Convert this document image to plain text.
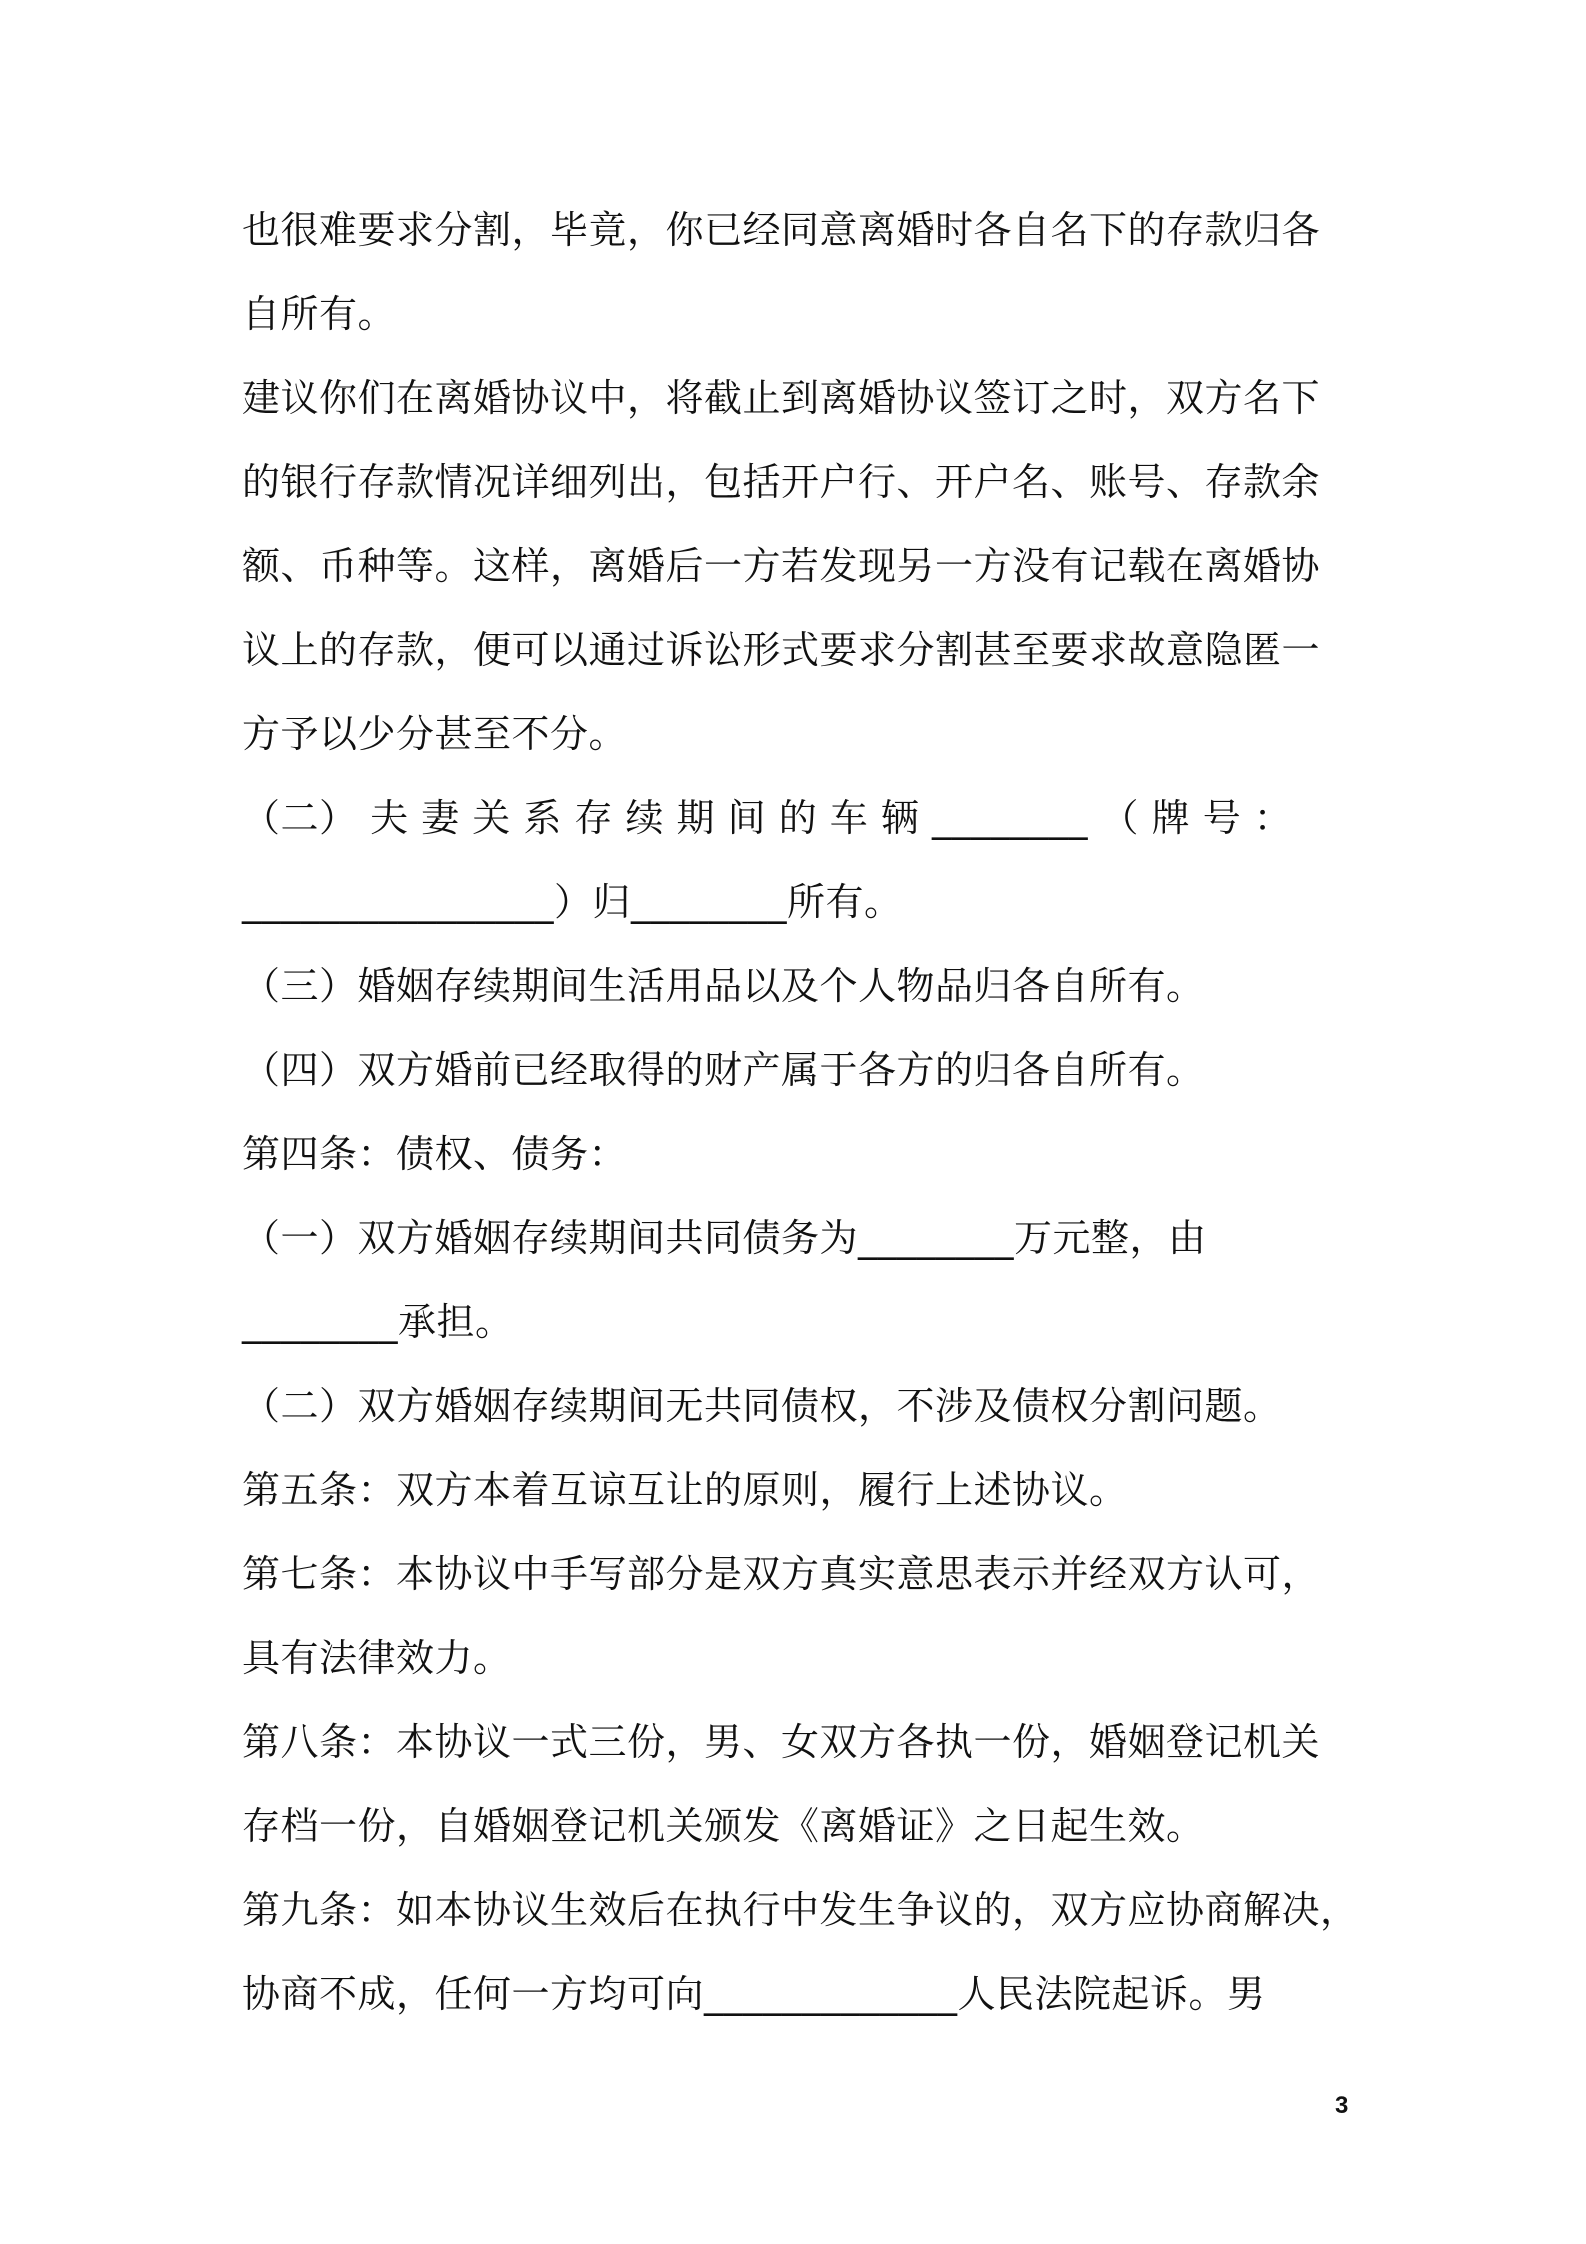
也很难要求分割，毕竟，你已经同意离婚时各自名下的存款归各
自所有。
建议你们在离婚协议中，将截止到离婚协议签订之时，双方名下
的银行存款情况详细列出，包括开户行、开户名、账号、存款余
额、币种等。这样，离婚后一方若发现另一方没有记载在离婚协
议上的存款，便可以通过诉讼形式要求分割甚至要求故意隐匿一
方予以少分甚至不分。
（二） 夫 妻 关 系 存 续 期 间 的 车 辆 ________ （ 牌 号 ：
________________）归________所有。
（三）婚姻存续期间生活用品以及个人物品归各自所有。
（四）双方婚前已经取得的财产属于各方的归各自所有。
第四条：债权、债务：
（一）双方婚姻存续期间共同债务为________万元整，由
________承担。
（二）双方婚姻存续期间无共同债权，不涉及债权分割问题。
第五条：双方本着互谅互让的原则，履行上述协议。
第七条：本协议中手写部分是双方真实意思表示并经双方认可，
具有法律效力。
第八条：本协议一式三份，男、女双方各执一份，婚姻登记机关
存档一份，自婚姻登记机关颁发《离婚证》之日起生效。
第九条：如本协议生效后在执行中发生争议的，双方应协商解决，
协商不成，任何一方均可向_____________人民法院起诉。男
3
